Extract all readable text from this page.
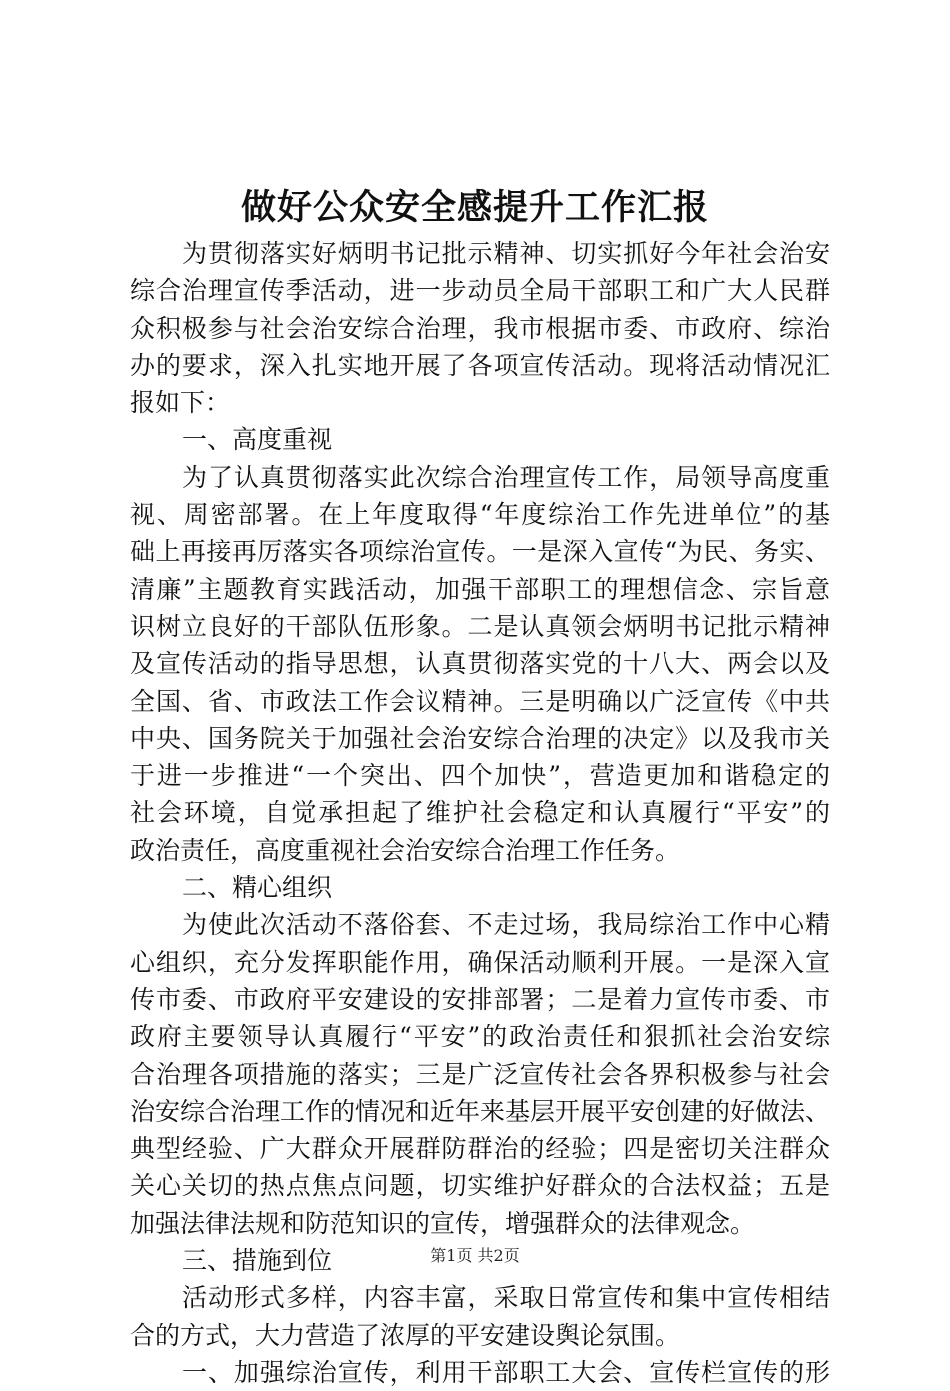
做好公众安全感提升工作汇报
为贯彻落实好炳明书记批示精神、切实抓好今年社会治安
综合治理宣传季活动，进一步动员全局干部职工和广大人民群
众积极参与社会治安综合治理，我市根据市委、市政府、综治
办的要求，深入扎实地开展了各项宣传活动。现将活动情况汇
报如下：
一、高度重视
为了认真贯彻落实此次综合治理宣传工作，局领导高度重
视、周密部署。在上年度取得“年度综治工作先进单位”的基
础上再接再厉落实各项综治宣传。一是深入宣传“为民、务实、
清廉”主题教育实践活动，加强干部职工的理想信念、宗旨意
识树立良好的干部队伍形象。二是认真领会炳明书记批示精神
及宣传活动的指导思想，认真贯彻落实党的十八大、两会以及
全国、省、市政法工作会议精神。三是明确以广泛宣传《中共
中央、国务院关于加强社会治安综合治理的决定》以及我市关
于进一步推进“一个突出、四个加快”，营造更加和谐稳定的
社会环境，自觉承担起了维护社会稳定和认真履行“平安”的
政治责任，高度重视社会治安综合治理工作任务。
二、精心组织
为使此次活动不落俗套、不走过场，我局综治工作中心精
心组织，充分发挥职能作用，确保活动顺利开展。一是深入宣
传市委、市政府平安建设的安排部署；二是着力宣传市委、市
政府主要领导认真履行“平安”的政治责任和狠抓社会治安综
合治理各项措施的落实；三是广泛宣传社会各界积极参与社会
治安综合治理工作的情况和近年来基层开展平安创建的好做法、
典型经验、广大群众开展群防群治的经验；四是密切关注群众
关心关切的热点焦点问题，切实维护好群众的合法权益；五是
加强法律法规和防范知识的宣传，增强群众的法律观念。
三、措施到位
活动形式多样，内容丰富，采取日常宣传和集中宣传相结
合的方式，大力营造了浓厚的平安建设舆论氛围。
一、加强综治宣传，利用干部职工大会、宣传栏宣传的形
第1页 共2页
